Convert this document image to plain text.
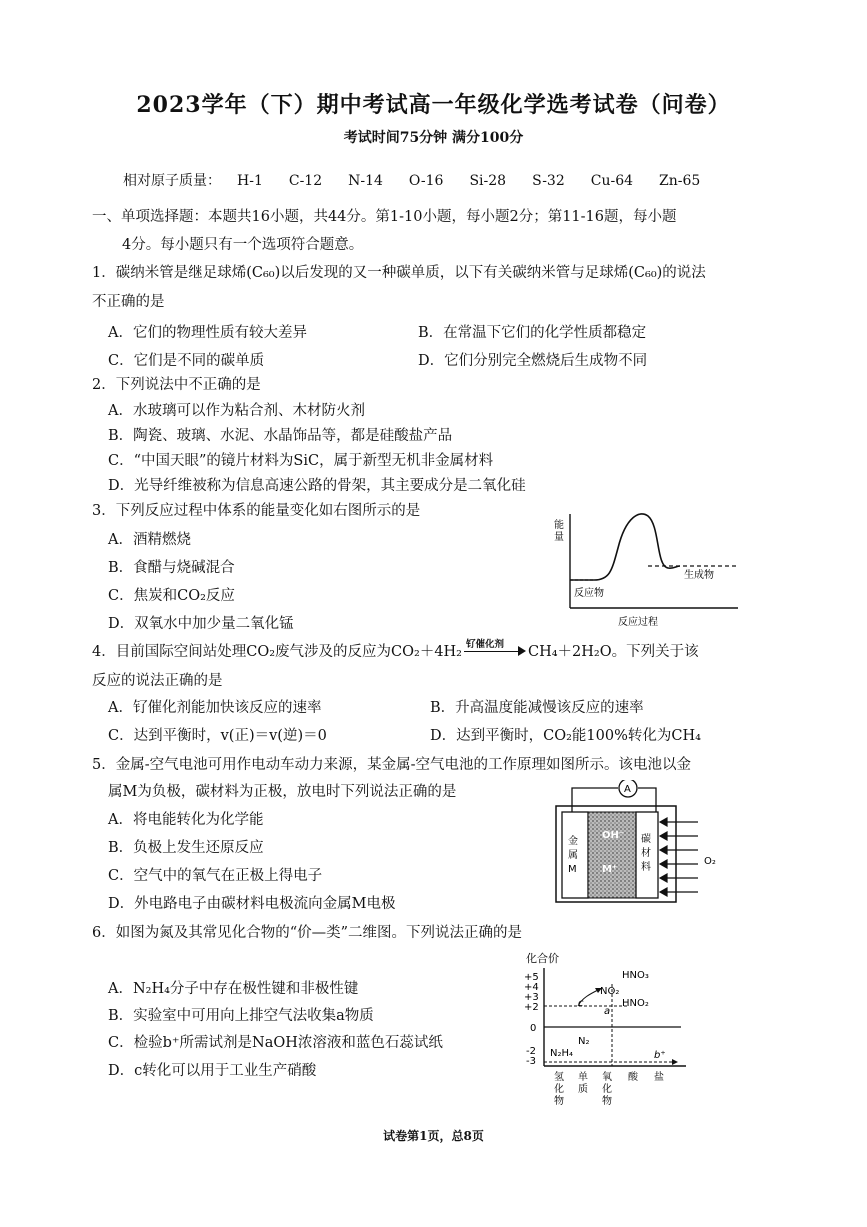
2023学年（下）期中考试高一年级化学选考试卷（问卷）
考试时间75分钟 满分100分
相对原子质量： H-1 C-12 N-14 O-16 Si-28 S-32 Cu-64 Zn-65
一、单项选择题：本题共16小题，共44分。第1-10小题，每小题2分；第11-16题，每小题
4分。每小题只有一个选项符合题意。
1．碳纳米管是继足球烯(C₆₀)以后发现的又一种碳单质，以下有关碳纳米管与足球烯(C₆₀)的说法
不正确的是
A．它们的物理性质有较大差异	B．在常温下它们的化学性质都稳定
C．它们是不同的碳单质	D．它们分别完全燃烧后生成物不同
2．下列说法中不正确的是
A．水玻璃可以作为粘合剂、木材防火剂
B．陶瓷、玻璃、水泥、水晶饰品等，都是硅酸盐产品
C．“中国天眼”的镜片材料为SiC，属于新型无机非金属材料
D．光导纤维被称为信息高速公路的骨架，其主要成分是二氧化硅
3．下列反应过程中体系的能量变化如右图所示的是
A．酒精燃烧
B．食醋与烧碱混合
C．焦炭和CO₂反应
D．双氧水中加少量二氧化锰
能
量
生成物
反应物
反应过程
4．目前国际空间站处理CO₂废气涉及的反应为CO₂＋4H₂ 钌催化剂 CH₄＋2H₂O。下列关于该
反应的说法正确的是
A．钌催化剂能加快该反应的速率	B．升高温度能减慢该反应的速率
C．达到平衡时，v(正)＝v(逆)＝0	D．达到平衡时，CO₂能100%转化为CH₄
5．金属-空气电池可用作电动车动力来源，某金属-空气电池的工作原理如图所示。该电池以金
属M为负极，碳材料为正极，放电时下列说法正确的是
A．将电能转化为化学能
B．负极上发生还原反应
C．空气中的氧气在正极上得电子
D．外电路电子由碳材料电极流向金属M电极
A
金
属
M
OH⁻
M⁺
碳
材
料
O₂
6．如图为氮及其常见化合物的“价—类”二维图。下列说法正确的是
A．N₂H₄分子中存在极性键和非极性键
B．实验室中可用向上排空气法收集a物质
C．检验b⁺所需试剂是NaOH浓溶液和蓝色石蕊试纸
D．c转化可以用于工业生产硝酸
化合价
+5
+4
+3
+2
0
-2
-3
HNO₃
NO₂
HNO₂
c
a
N₂
N₂H₄	b⁺
氢
化
物
单
质
氧
化
物
酸 盐
试卷第1页，总8页
